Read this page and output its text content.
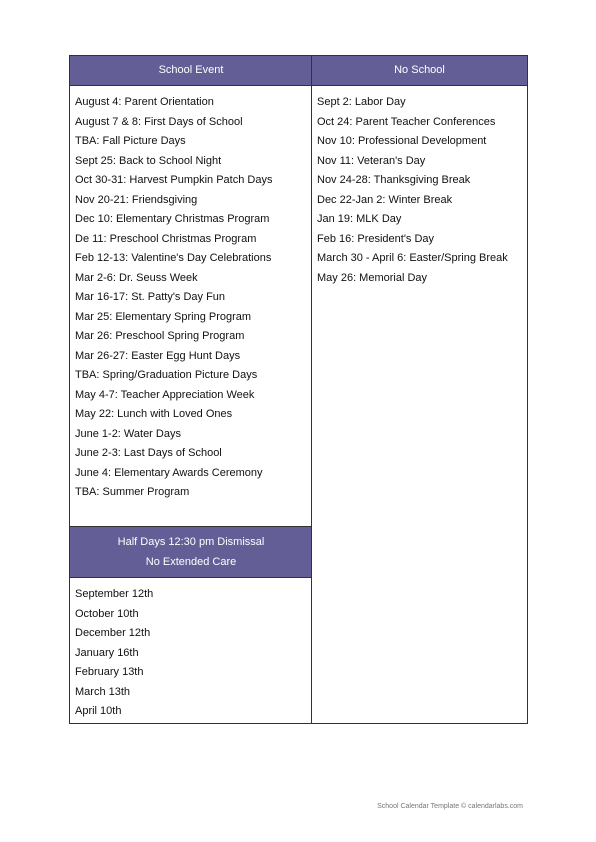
School Event
August 4: Parent Orientation
August 7 & 8: First Days of School
TBA: Fall Picture Days
Sept 25: Back to School Night
Oct 30-31: Harvest Pumpkin Patch Days
Nov 20-21: Friendsgiving
Dec 10: Elementary Christmas Program
De 11: Preschool Christmas Program
Feb 12-13: Valentine's Day Celebrations
Mar 2-6: Dr. Seuss Week
Mar 16-17: St. Patty's Day Fun
Mar 25: Elementary Spring Program
Mar 26: Preschool Spring Program
Mar 26-27: Easter Egg Hunt Days
TBA: Spring/Graduation Picture Days
May 4-7: Teacher Appreciation Week
May 22: Lunch with Loved Ones
June 1-2: Water Days
June 2-3: Last Days of School
June 4: Elementary Awards Ceremony
TBA: Summer Program
Half Days 12:30 pm Dismissal
No Extended Care
September 12th
October 10th
December 12th
January 16th
February 13th
March 13th
April 10th
No School
Sept 2: Labor Day
Oct 24: Parent Teacher Conferences
Nov 10: Professional Development
Nov 11: Veteran's Day
Nov 24-28: Thanksgiving Break
Dec 22-Jan 2: Winter Break
Jan 19: MLK Day
Feb 16: President's Day
March 30 - April 6: Easter/Spring Break
May 26: Memorial Day
School Calendar Template © calendarlabs.com
